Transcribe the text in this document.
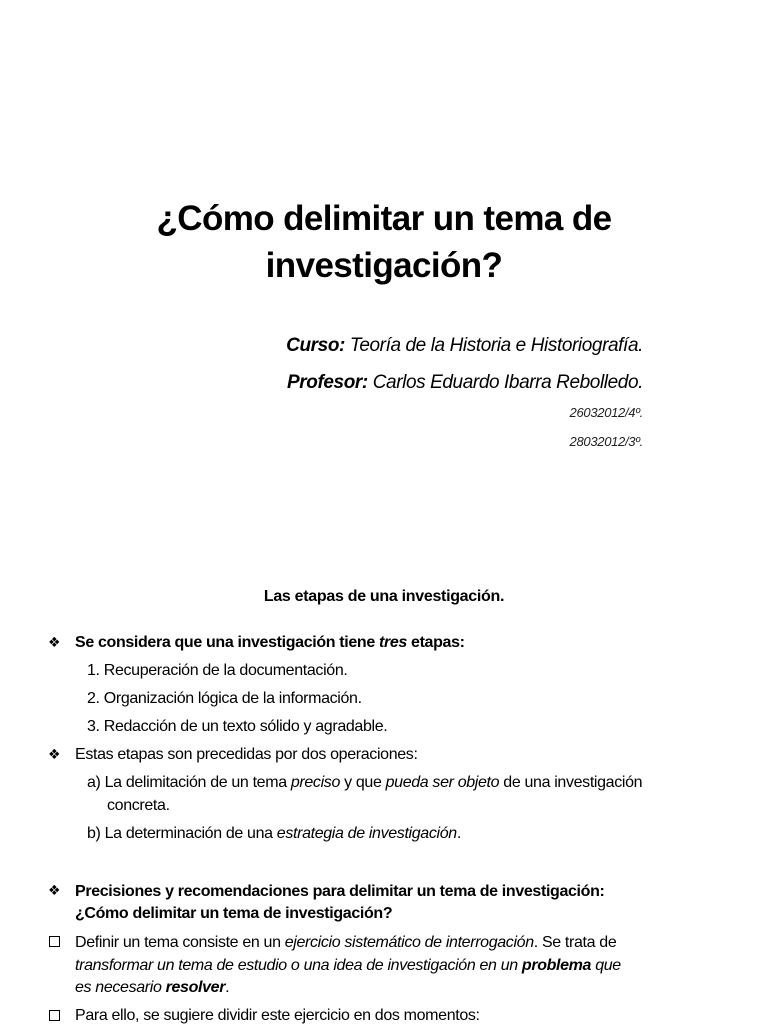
¿Cómo delimitar un tema de
investigación?
Curso: Teoría de la Historia e Historiografía.
Profesor: Carlos Eduardo Ibarra Rebolledo.
26032012/4º.
28032012/3º.
Las etapas de una investigación.
❖ Se considera que una investigación tiene tres etapas:
1. Recuperación de la documentación.
2. Organización lógica de la información.
3. Redacción de un texto sólido y agradable.
❖ Estas etapas son precedidas por dos operaciones:
a) La delimitación de un tema preciso y que pueda ser objeto de una investigación
concreta.
b) La determinación de una estrategia de investigación.
❖ Precisiones y recomendaciones para delimitar un tema de investigación:
¿Cómo delimitar un tema de investigación?
Definir un tema consiste en un ejercicio sistemático de interrogación. Se trata de
transformar un tema de estudio o una idea de investigación en un problema que
es necesario resolver.
Para ello, se sugiere dividir este ejercicio en dos momentos:
